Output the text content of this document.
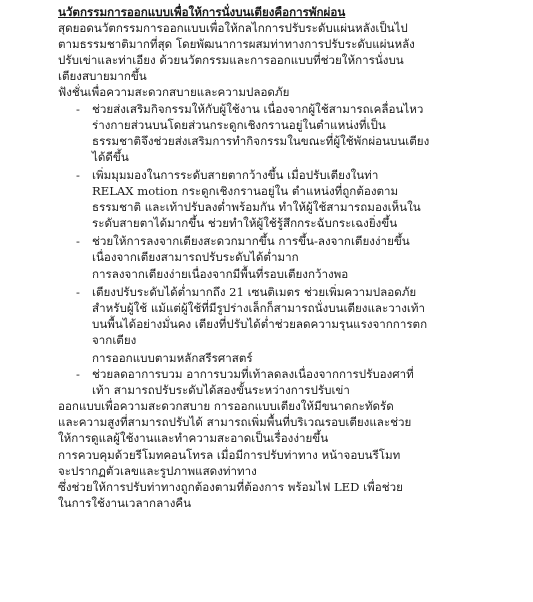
นวัตกรรมการออกแบบเพื่อให้การนั่งบนเตียงคือการพักผ่อน
สุดยอดนวัตกรรมการออกแบบเพื่อให้กลไกการปรับระดับแผ่นหลังเป็นไป
ตามธรรมชาติมากที่สุด โดยพัฒนาการผสมท่าทางการปรับระดับแผ่นหลัง
ปรับเข่าและท่าเอียง ด้วยนวัตกรรมและการออกแบบที่ช่วยให้การนั่งบน
เตียงสบายมากขึ้น
ฟังชั่นเพื่อความสะดวกสบายและความปลอดภัย
- ช่วยส่งเสริมกิจกรรมให้กับผู้ใช้งาน เนื่องจากผู้ใช้สามารถเคลื่อนไหว
ร่างกายส่วนบนโดยส่วนกระดูกเชิงกรานอยู่ในตำแหน่งที่เป็น
ธรรมชาติจึงช่วยส่งเสริมการทำกิจกรรมในขณะที่ผู้ใช้พักผ่อนบนเตียง
ได้ดีขึ้น
- เพิ่มมุมมองในการระดับสายตากว้างขึ้น เมื่อปรับเตียงในท่า
RELAX motion กระดูกเชิงกรานอยู่ใน ตำแหน่งที่ถูกต้องตาม
ธรรมชาติ และเท้าปรับลงต่ำพร้อมกัน ทำให้ผู้ใช้สามารถมองเห็นใน
ระดับสายตาได้มากขึ้น ช่วยทำให้ผู้ใช้รู้สึกกระฉับกระเฉงยิ่งขึ้น
- ช่วยให้การลงจากเตียงสะดวกมากขึ้น การขึ้น-ลงจากเตียงง่ายขึ้น
เนื่องจากเตียงสามารถปรับระดับได้ต่ำมาก
การลงจากเตียงง่ายเนื่องจากมีพื้นที่รอบเตียงกว้างพอ
- เตียงปรับระดับได้ต่ำมากถึง 21 เซนติเมตร ช่วยเพิ่มความปลอดภัย
สำหรับผู้ใช้ แม้แต่ผู้ใช้ที่มีรูปร่างเล็กก็สามารถนั่งบนเตียงและวางเท้า
บนพื้นได้อย่างมั่นคง เตียงที่ปรับได้ต่ำช่วยลดความรุนแรงจากการตก
จากเตียง
การออกแบบตามหลักสรีรศาสตร์
- ช่วยลดอาการบวม อาการบวมที่เท้าลดลงเนื่องจากการปรับองศาที่
เท้า สามารถปรับระดับได้สองขั้นระหว่างการปรับเข่า
ออกแบบเพื่อความสะดวกสบาย การออกแบบเตียงให้มีขนาดกะทัดรัด
และความสูงที่สามารถปรับได้ สามารถเพิ่มพื้นที่บริเวณรอบเตียงและช่วย
ให้การดูแลผู้ใช้งานและทำความสะอาดเป็นเรื่องง่ายขึ้น
การควบคุมด้วยรีโมทคอนโทรล เมื่อมีการปรับท่าทาง หน้าจอบนรีโมท
จะปรากฏตัวเลขและรูปภาพแสดงท่าทาง
ซึ่งช่วยให้การปรับท่าทางถูกต้องตามที่ต้องการ พร้อมไฟ LED เพื่อช่วย
ในการใช้งานเวลากลางคืน
